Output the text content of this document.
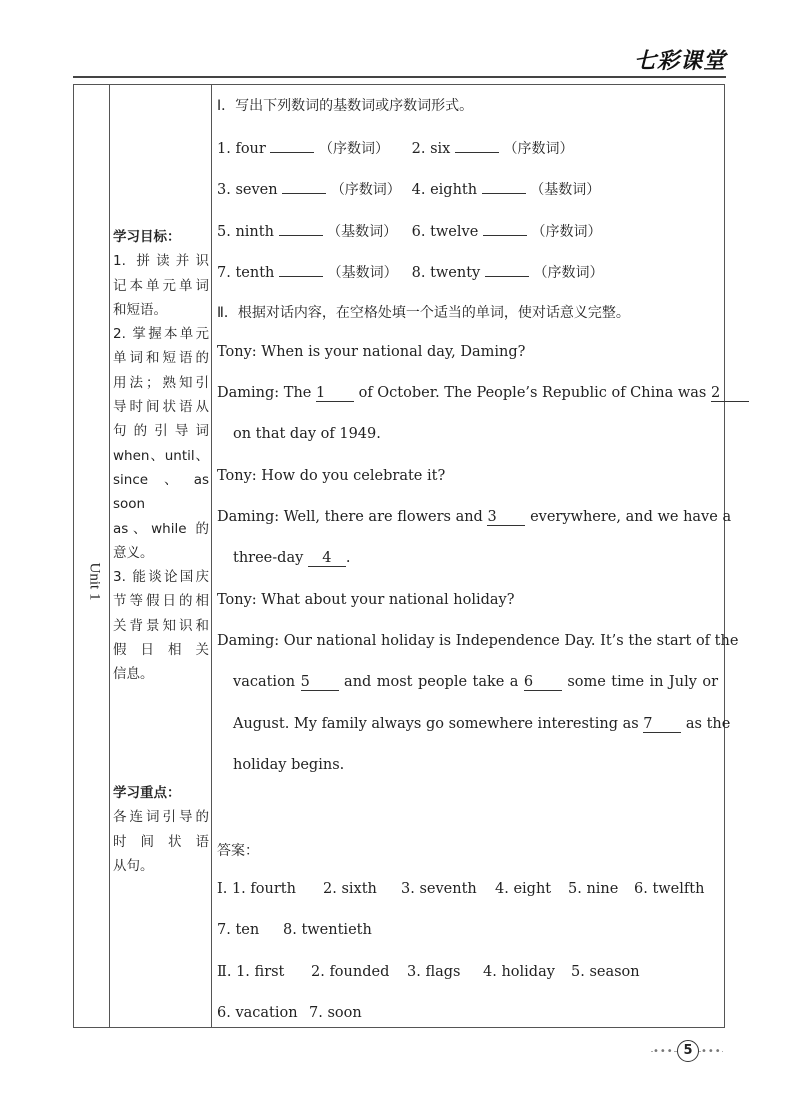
七彩课堂
Unit 1

学习目标：

1. 拼读并识

记本单元单词

和短语。

2. 掌握本单元

单词和短语的

用法；熟知引

导时间状语从

句的引导词

when、until、

since、as soon

as、while 的

意义。

3. 能谈论国庆

节等假日的相

关背景知识和

假日相关

信息。

学习重点：

各连词引导的

时间状语

从句。

Ⅰ．写出下列数词的基数词或序数词形式。
1. four	（序数词） 2. six	（序数词）
3. seven	（序数词） 4. eighth	（基数词）
5. ninth	（基数词） 6. twelve	（序数词）
7. tenth	（基数词） 8. twenty	（序数词）
Ⅱ．根据对话内容，在空格处填一个适当的单词，使对话意义完整。
Tony: When is your national day, Daming?
Daming: The 1 of October. The People’s Republic of China was 2
on that day of 1949.
Tony: How do you celebrate it?
Daming: Well, there are flowers and 3 everywhere, and we have a
three-day 4 .
Tony: What about your national holiday?
Daming: Our national holiday is Independence Day. It’s the start of the
vacation 5 and most people take a 6 some time in July or
August. My family always go somewhere interesting as 7 as the
holiday begins.
答案：
Ⅰ. 1. fourth 2. sixth 3. seventh 4. eight 5. nine 6. twelfth
7. ten 8. twentieth
Ⅱ. 1. first 2. founded 3. flags 4. holiday 5. season
6. vacation 7. soon
••• 5 •••
